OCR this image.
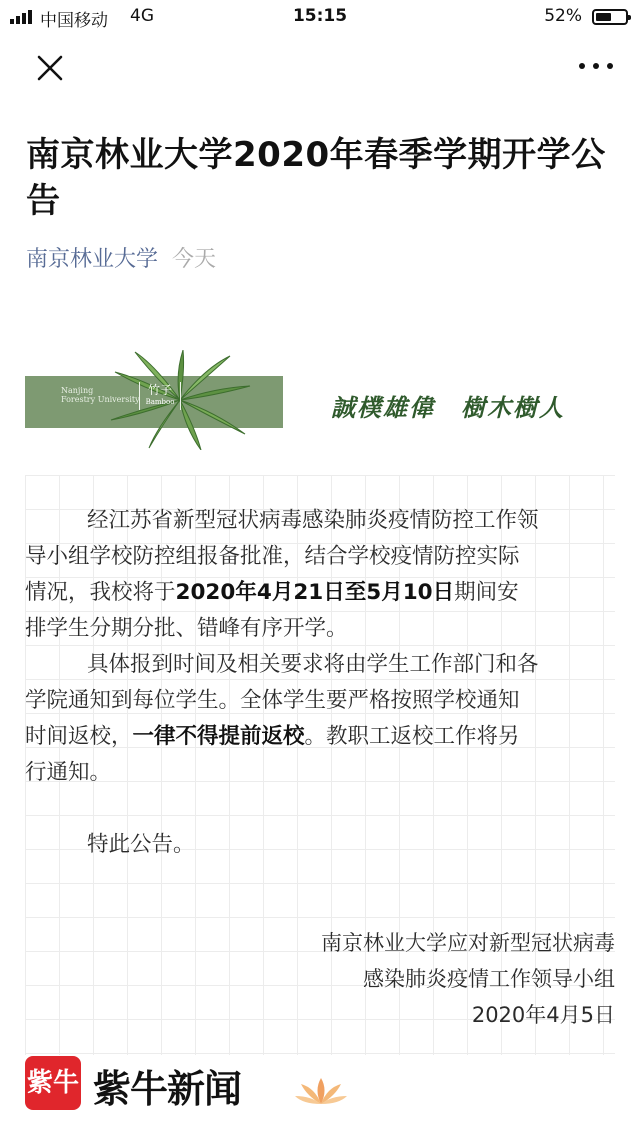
中国移动 4G	15:15	52%
南京林业大学2020年春季学期开学公告
南京林业大学 今天
Nanjing
Forestry University
竹子
Bamboo	誠樸雄偉　樹木樹人

经江苏省新型冠状病毒感染肺炎疫情防控工作领
导小组学校防控组报备批准，结合学校疫情防控实际
情况，我校将于2020年4月21日至5月10日期间安
排学生分期分批、错峰有序开学。

具体报到时间及相关要求将由学生工作部门和各
学院通知到每位学生。全体学生要严格按照学校通知
时间返校，一律不得提前返校。教职工返校工作将另
行通知。

特此公告。

南京林业大学应对新型冠状病毒
感染肺炎疫情工作领导小组
2020年4月5日
紫牛 紫牛新闻
